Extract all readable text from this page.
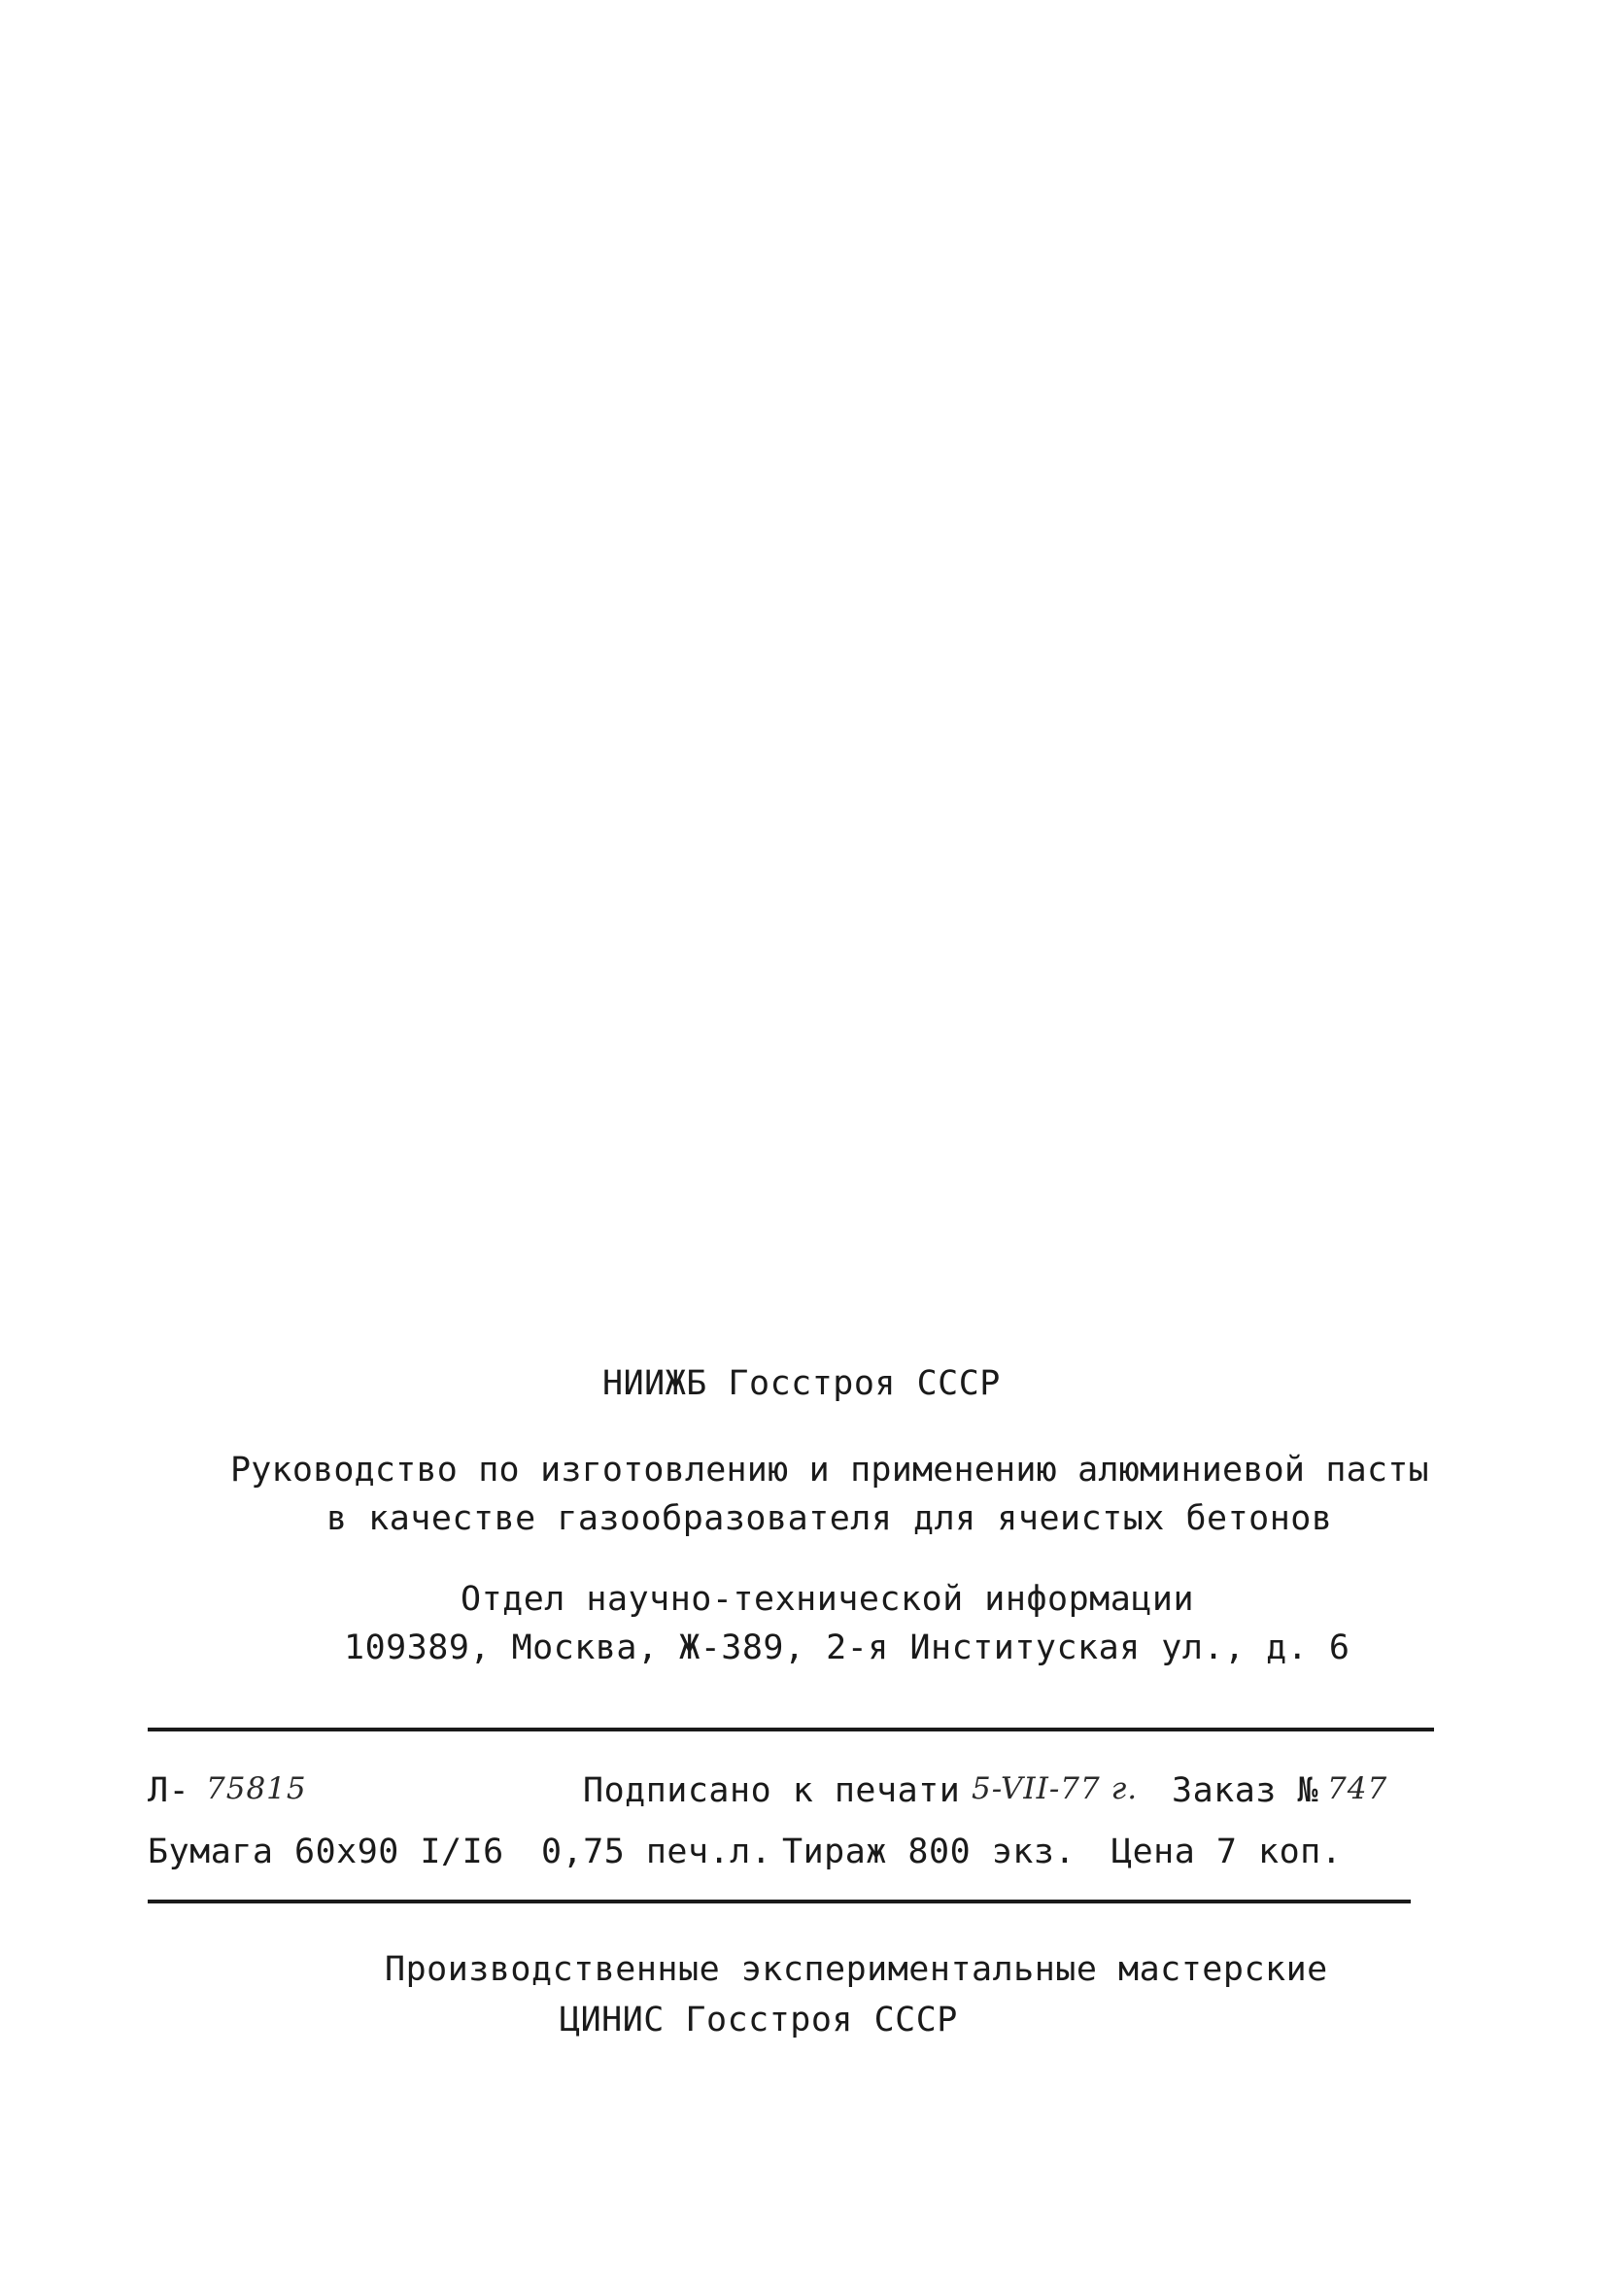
НИИЖБ Госстроя СССР
Руководство по изготовлению и применению алюминиевой пасты
в качестве газообразователя для ячеистых бетонов
Отдел научно-технической информации
109389, Москва, Ж-389, 2-я Институская ул., д. 6
Л- 75815	Подписано к печати 5-VII-77 г. Заказ № 747
Бумага 60х90 I/I6 0,75 печ.л. Тираж 800 экз. Цена 7 коп.
Производственные экспериментальные мастерские
ЦИНИС Госстроя СССР
